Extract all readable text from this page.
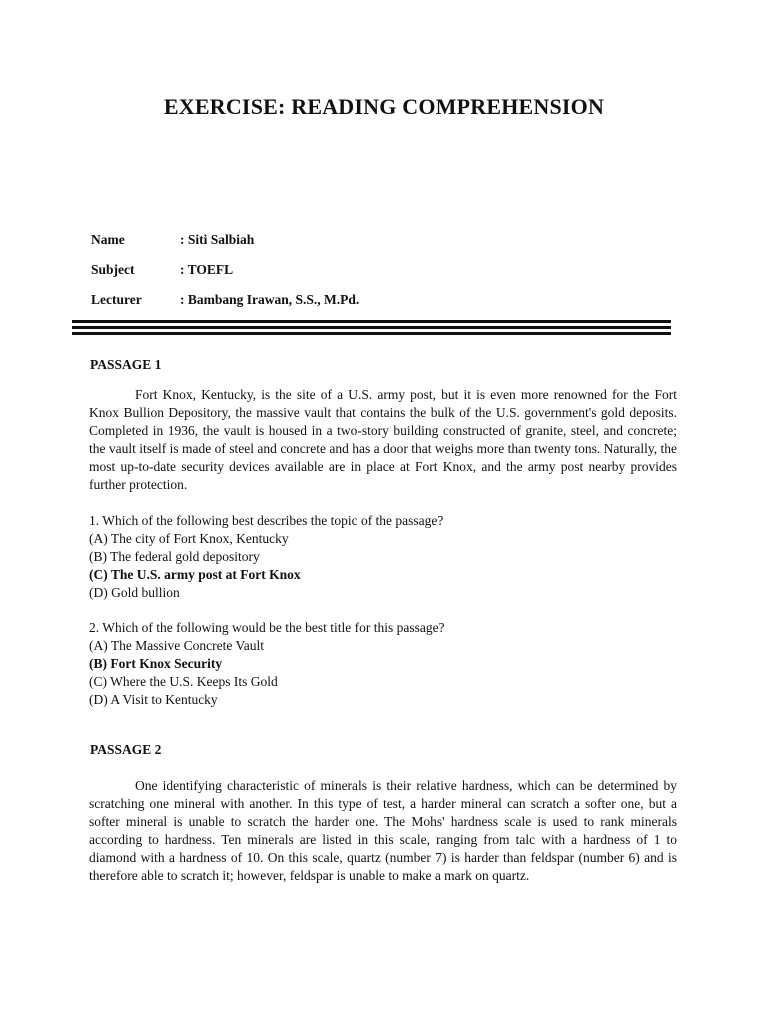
EXERCISE: READING COMPREHENSION
Name	: Siti Salbiah
Subject	: TOEFL
Lecturer	: Bambang Irawan, S.S., M.Pd.
PASSAGE 1
Fort Knox, Kentucky, is the site of a U.S. army post, but it is even more renowned for the Fort Knox Bullion Depository, the massive vault that contains the bulk of the U.S. government's gold deposits. Completed in 1936, the vault is housed in a two-story building constructed of granite, steel, and concrete; the vault itself is made of steel and concrete and has a door that weighs more than twenty tons. Naturally, the most up-to-date security devices available are in place at Fort Knox, and the army post nearby provides further protection.
1. Which of the following best describes the topic of the passage?
(A) The city of Fort Knox, Kentucky
(B) The federal gold depository
(C) The U.S. army post at Fort Knox
(D) Gold bullion
2. Which of the following would be the best title for this passage?
(A) The Massive Concrete Vault
(B) Fort Knox Security
(C) Where the U.S. Keeps Its Gold
(D) A Visit to Kentucky
PASSAGE 2
One identifying characteristic of minerals is their relative hardness, which can be determined by scratching one mineral with another. In this type of test, a harder mineral can scratch a softer one, but a softer mineral is unable to scratch the harder one. The Mohs' hardness scale is used to rank minerals according to hardness. Ten minerals are listed in this scale, ranging from talc with a hardness of 1 to diamond with a hardness of 10. On this scale, quartz (number 7) is harder than feldspar (number 6) and is therefore able to scratch it; however, feldspar is unable to make a mark on quartz.
